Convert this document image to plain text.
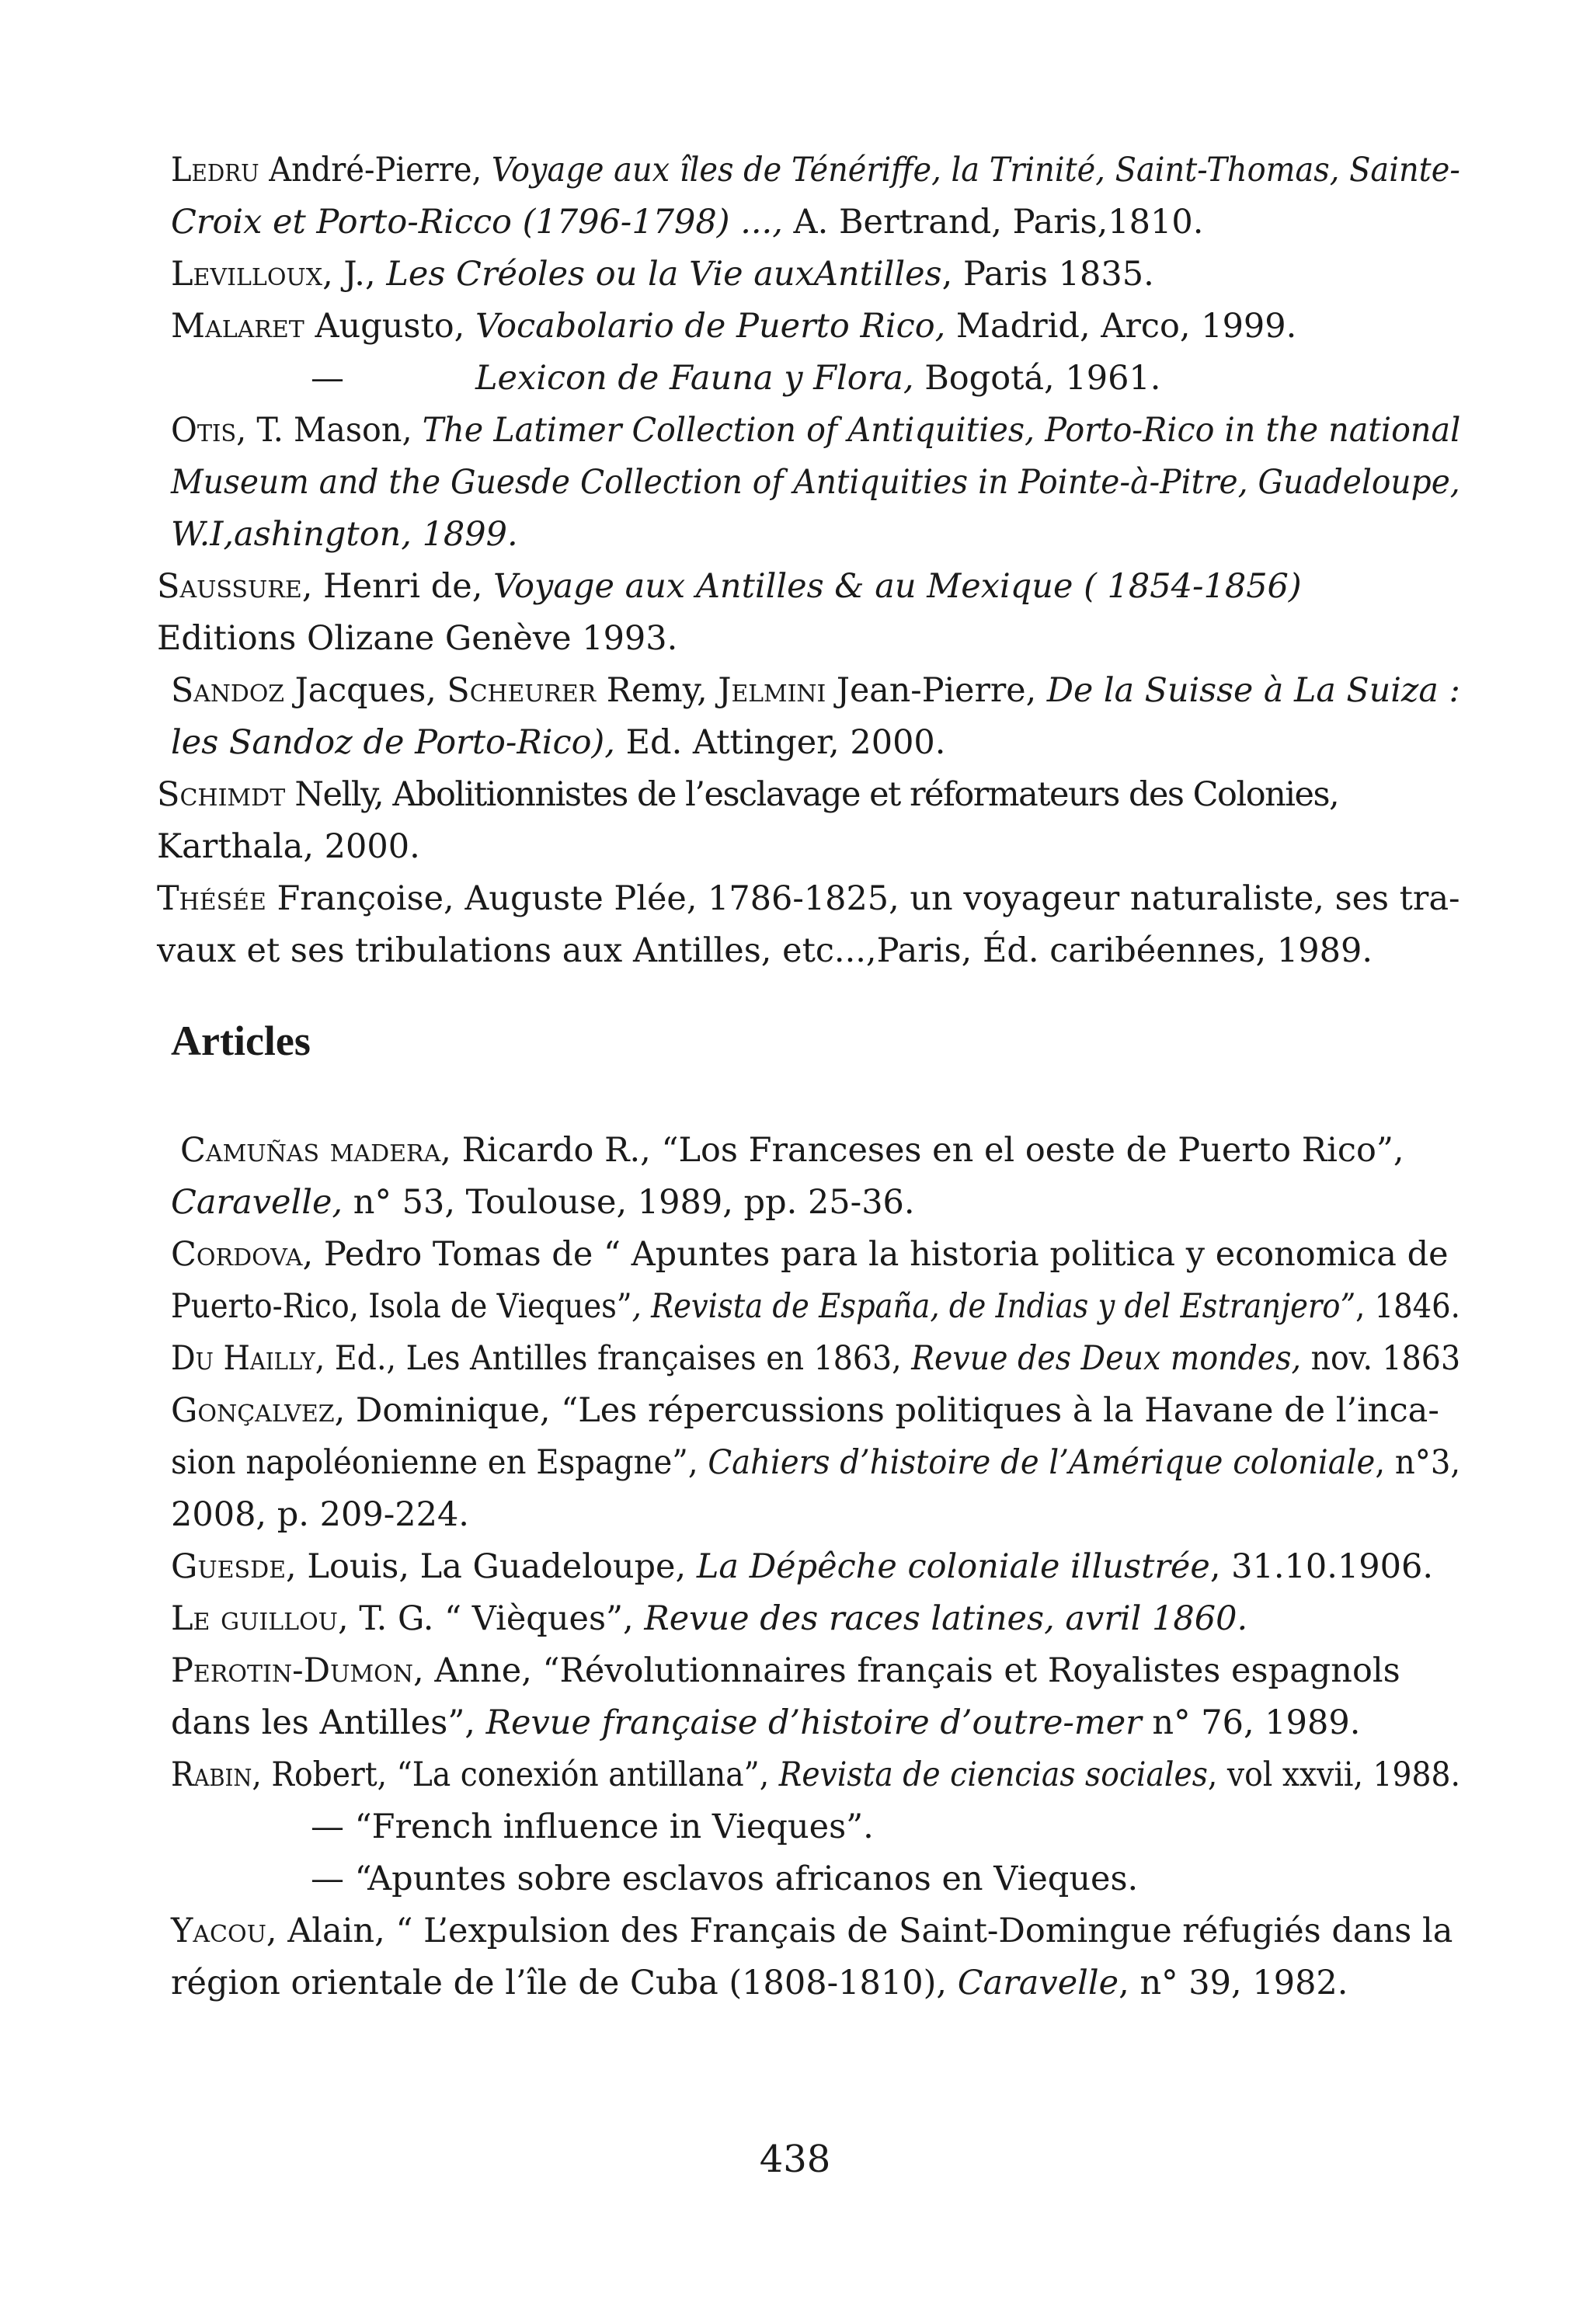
Ledru André-Pierre, Voyage aux îles de Ténériffe, la Trinité, Saint-Thomas, Sainte-
Croix et Porto-Ricco (1796-1798) ..., A. Bertrand, Paris,1810.
Levilloux, J., Les Créoles ou la Vie auxAntilles, Paris 1835.
Malaret Augusto, Vocabolario de Puerto Rico, Madrid, Arco, 1999.
—	Lexicon de Fauna y Flora, Bogotá, 1961.
Otis, T. Mason, The Latimer Collection of Antiquities, Porto-Rico in the national
Museum and the Guesde Collection of Antiquities in Pointe-à-Pitre, Guadeloupe,
W.I,ashington, 1899.
Saussure, Henri de, Voyage aux Antilles & au Mexique ( 1854-1856)
Editions Olizane Genève 1993.
Sandoz Jacques, Scheurer Remy, Jelmini Jean-Pierre, De la Suisse à La Suiza :
les Sandoz de Porto-Rico), Ed. Attinger, 2000.
Schimdt Nelly, Abolitionnistes de l’esclavage et réformateurs des Colonies,
Karthala, 2000.
Thésée Françoise, Auguste Plée, 1786-1825, un voyageur naturaliste, ses tra-
vaux et ses tribulations aux Antilles, etc...,Paris, Éd. caribéennes, 1989.
Articles
Camuñas madera, Ricardo R., “Los Franceses en el oeste de Puerto Rico”,
Caravelle, n° 53, Toulouse, 1989, pp. 25-36.
Cordova, Pedro Tomas de “ Apuntes para la historia politica y economica de
Puerto-Rico, Isola de Vieques”, Revista de España, de Indias y del Estranjero”, 1846.
Du Hailly, Ed., Les Antilles françaises en 1863, Revue des Deux mondes, nov. 1863
Gonçalvez, Dominique, “Les répercussions politiques à la Havane de l’inca-
sion napoléonienne en Espagne”, Cahiers d’histoire de l’Amérique coloniale, n°3,
2008, p. 209-224.
Guesde, Louis, La Guadeloupe, La Dépêche coloniale illustrée, 31.10.1906.
Le guillou, T. G. “ Vièques”, Revue des races latines, avril 1860.
Perotin-Dumon, Anne, “Révolutionnaires français et Royalistes espagnols
dans les Antilles”, Revue française d’histoire d’outre-mer n° 76, 1989.
Rabin, Robert, “La conexión antillana”, Revista de ciencias sociales, vol xxvii, 1988.
— “French influence in Vieques”.
— “Apuntes sobre esclavos africanos en Vieques.
Yacou, Alain, “ L’expulsion des Français de Saint-Domingue réfugiés dans la
région orientale de l’île de Cuba (1808-1810), Caravelle, n° 39, 1982.
438
